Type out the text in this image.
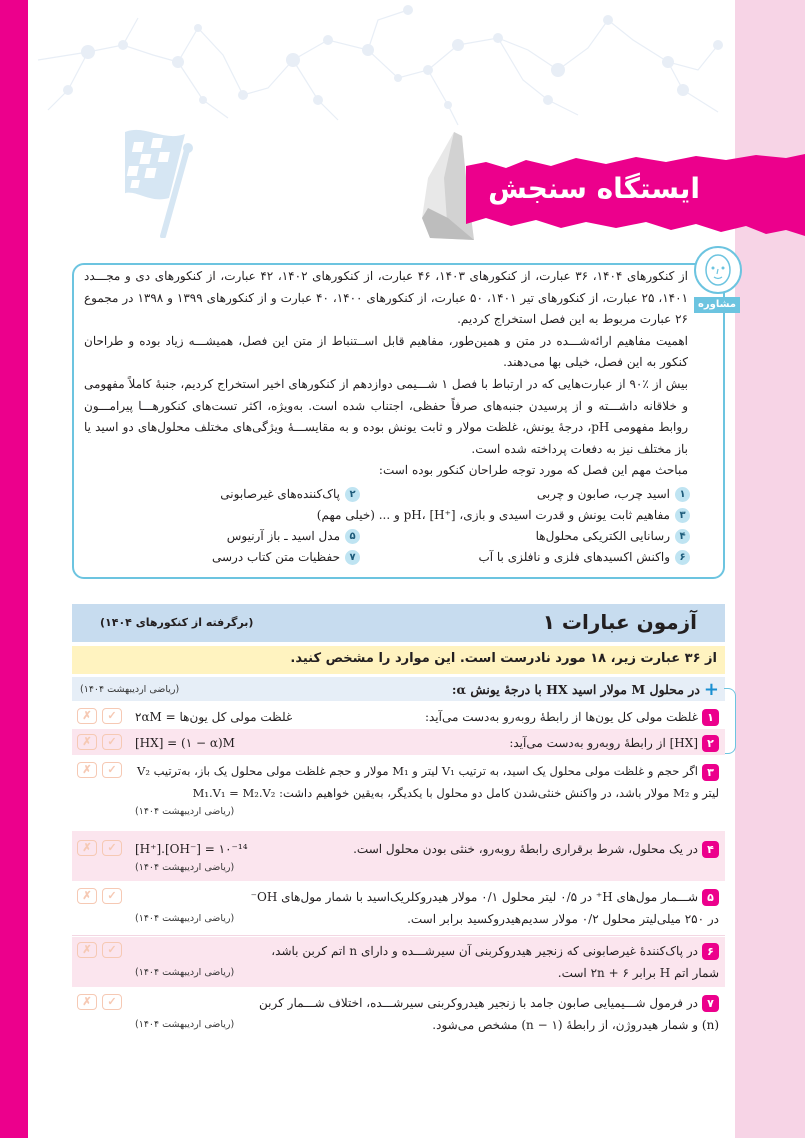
ایستگاه سنجش
مشاوره

از کنکورهای ۱۴۰۴، ۳۶ عبارت، از کنکورهای ۱۴۰۳، ۴۶ عبارت، از کنکورهای ۱۴۰۲، ۴۲ عبارت، از کنکورهای دی و مجـــدد ۱۴۰۱، ۲۵ عبارت، از کنکورهای تیر ۱۴۰۱، ۵۰ عبارت، از کنکورهای ۱۴۰۰، ۴۰ عبارت و از کنکورهای ۱۳۹۹ و ۱۳۹۸ در مجموع ۲۶ عبارت مربوط به این فصل استخراج کردیم.

اهمیت مفاهیم ارائه‌شـــده در متن و همین‌طور، مفاهیم قابل اســتنباط از متن این فصل، همیشـــه زیاد بوده و طراحان کنکور به این فصل، خیلی بها می‌دهند.

بیش از ٪۹۰ از عبارت‌هایی که در ارتباط با فصل ۱ شـــیمی دوازدهم از کنکورهای اخیر استخراج کردیم، جنبهٔ کاملاً مفهومی و خلاقانه داشـــته و از پرسیدن جنبه‌های صرفاً حفظی، اجتناب شده است. به‌ویژه، اکثر تست‌های کنکورهـــا پیرامـــون روابط مفهومی pH، درجهٔ یونش، غلظت مولار و ثابت یونش بوده و به مقایســـهٔ ویژگی‌های مختلف محلول‌های دو اسید یا باز مختلف نیز به دفعات پرداخته شده است.

مباحث مهم این فصل که مورد توجه طراحان کنکور بوده است:

۱
اسید چرب، صابون و چربی
۲
پاک‌کننده‌های غیرصابونی
۳
مفاهیم ثابت یونش و قدرت اسیدی و بازی، pH، [H⁺] و ... (خیلی مهم)
۴
رسانایی الکتریکی محلول‌ها
۵
مدل اسید ـ باز آرنیوس
۶
واکنش اکسیدهای فلزی و نافلزی با آب
۷
حفظیات متن کتاب درسی
آزمون عبارات ۱
(برگرفته از کنکورهای ۱۴۰۴)
از ۳۶ عبارت زیر، ۱۸ مورد نادرست است. این موارد را مشخص کنید.
+
در محلول M مولار اسید HX با درجهٔ یونش α:
(ریاضی اردیبهشت ۱۴۰۴)
✗	✓	غلظت مولی کل یون‌ها = ۲αM	۱غلظت مولی کل یون‌ها از رابطهٔ روبه‌رو به‌دست می‌آید:
✗	✓	[HX] = (۱ − α)M	۲[HX] از رابطهٔ روبه‌رو به‌دست می‌آید:
✗	✓	۳اگر حجم و غلظت مولی محلول یک اسید، به ترتیب V₁ لیتر و M₁ مولار و حجم غلظت مولی محلول یک باز، به‌ترتیب V₂ لیتر و M₂ مولار باشد، در واکنش خنثی‌شدن کامل دو محلول با یکدیگر، به‌یقین خواهیم داشت: M₁.V₁ = M₂.V₂
(ریاضی اردیبهشت ۱۴۰۴)
✗	✓	[H⁺].[OH⁻] = ۱۰⁻¹⁴	۴در یک محلول، شرط برقراری رابطهٔ روبه‌رو، خنثی بودن محلول است.
(ریاضی اردیبهشت ۱۴۰۴)
✗	✓
(ریاضی اردیبهشت ۱۴۰۴)
۵شـــمار مول‌های H⁺ در ۰/۵ لیتر محلول ۰/۱ مولار هیدروکلریک‌اسید با شمار مول‌های OH⁻ در ۲۵۰ میلی‌لیتر محلول ۰/۲ مولار سدیم‌هیدروکسید برابر است.
✗	✓
(ریاضی اردیبهشت ۱۴۰۴)
۶در پاک‌کنندهٔ غیرصابونی که زنجیر هیدروکربنی آن سیرشـــده و دارای n اتم کربن باشد، شمار اتم H برابر ۶ + ۲n است.
✗	✓
(ریاضی اردیبهشت ۱۴۰۴)
۷در فرمول شـــیمیایی صابون جامد با زنجیر هیدروکربنی سیرشـــده، اختلاف شـــمار کربن (n) و شمار هیدروژن، از رابطهٔ (n − ۱) مشخص می‌شود.
